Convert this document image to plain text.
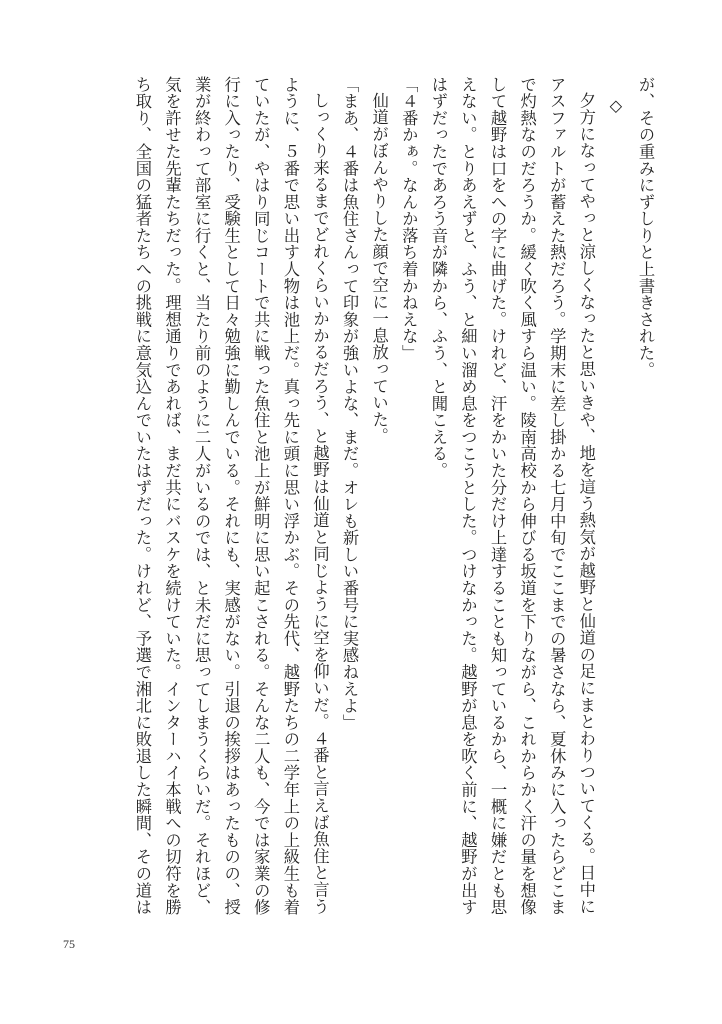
が、その重みにずしりと上書きされた。
◇
夕方になってやっと涼しくなったと思いきや、地を這う熱気が越野と仙道の足にまとわりついてくる。日中に
アスファルトが蓄えた熱だろう。学期末に差し掛かる七月中旬でここまでの暑さなら、夏休みに入ったらどこま
で灼熱なのだろうか。緩く吹く風すら温い。陵南高校から伸びる坂道を下りながら、これからかく汗の量を想像
して越野は口をへの字に曲げた。けれど、汗をかいた分だけ上達することも知っているから、一概に嫌だとも思
えない。とりあえずと、ふう、と細い溜め息をつこうとした。つけなかった。越野が息を吹く前に、越野が出す
はずだったであろう音が隣から、ふう、と聞こえる。
「４番かぁ。なんか落ち着かねえな」
仙道がぼんやりした顔で空に一息放っていた。
「まあ、４番は魚住さんって印象が強いよな、まだ。オレも新しい番号に実感ねえよ」
しっくり来るまでどれくらいかかるだろう、と越野は仙道と同じように空を仰いだ。４番と言えば魚住と言う
ように、５番で思い出す人物は池上だ。真っ先に頭に思い浮かぶ。その先代、越野たちの二学年上の上級生も着
ていたが、やはり同じコートで共に戦った魚住と池上が鮮明に思い起こされる。そんな二人も、今では家業の修
行に入ったり、受験生として日々勉強に勤しんでいる。それにも、実感がない。引退の挨拶はあったものの、授
業が終わって部室に行くと、当たり前のように二人がいるのでは、と未だに思ってしまうくらいだ。それほど、
気を許せた先輩たちだった。理想通りであれば、まだ共にバスケを続けていた。インターハイ本戦への切符を勝
ち取り、全国の猛者たちへの挑戦に意気込んでいたはずだった。けれど、予選で湘北に敗退した瞬間、その道は
75
